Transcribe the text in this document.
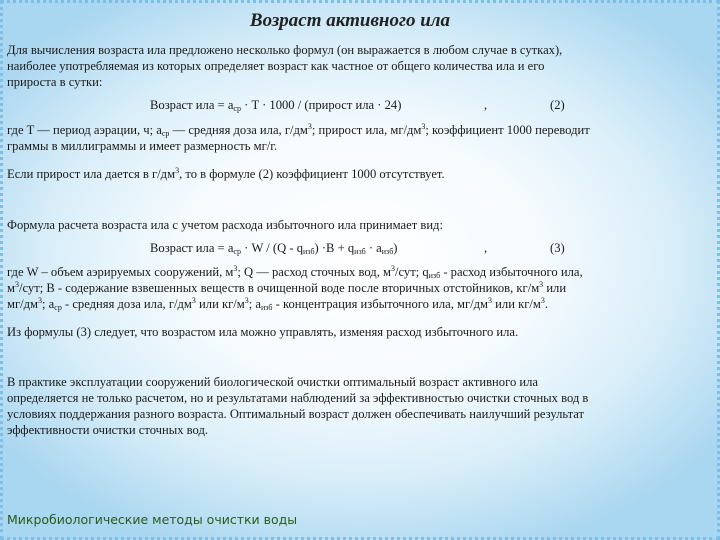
Возраст активного ила
Для вычисления возраста ила предложено несколько формул (он выражается в любом случае в сутках),
наиболее употребляемая из которых определяет возраст как частное от общего количества ила и его
прироста в сутки:
Возраст ила = $а_{ср} \cdot T \cdot 1000$ / (прирост ила · 24)	,	(2)
где T — период аэрации, ч; $а_{ср}$ — средняя доза ила, $г/дм^3$; прирост ила, $мг/дм^3$; коэффициент 1000 переводит
граммы в миллиграммы и имеет размерность мг/г.
Если прирост ила дается в $г/дм^3$, то в формуле (2) коэффициент 1000 отсутствует.
Формула расчета возраста ила с учетом расхода избыточного ила принимает вид:
Возраст ила = $а_{ср} \cdot W / (Q - q_{изб}) \cdot B + q_{изб} \cdot а_{изб}$)	,	(3)
где W – объем аэрируемых сооружений, $м^3$; Q — расход сточных вод, $м^3$/сут; $q_{изб}$ - расход избыточного ила,
$м^3$/сут; В - содержание взвешенных веществ в очищенной воде после вторичных отстойников, $кг/м^3$ или
$мг/дм^3$; $а_{ср}$ - средняя доза ила, $г/дм^3$ или $кг/м^3$; $а_{изб}$ - концентрация избыточного ила, $мг/дм^3$ или $кг/м^3$.
Из формулы (3) следует, что возрастом ила можно управлять, изменяя расход избыточного ила.
В практике эксплуатации сооружений биологической очистки оптимальный возраст активного ила
определяется не только расчетом, но и результатами наблюдений за эффективностью очистки сточных вод в
условиях поддержания разного возраста. Оптимальный возраст должен обеспечивать наилучший результат
эффективности очистки сточных вод.
Микробиологические методы очистки воды
